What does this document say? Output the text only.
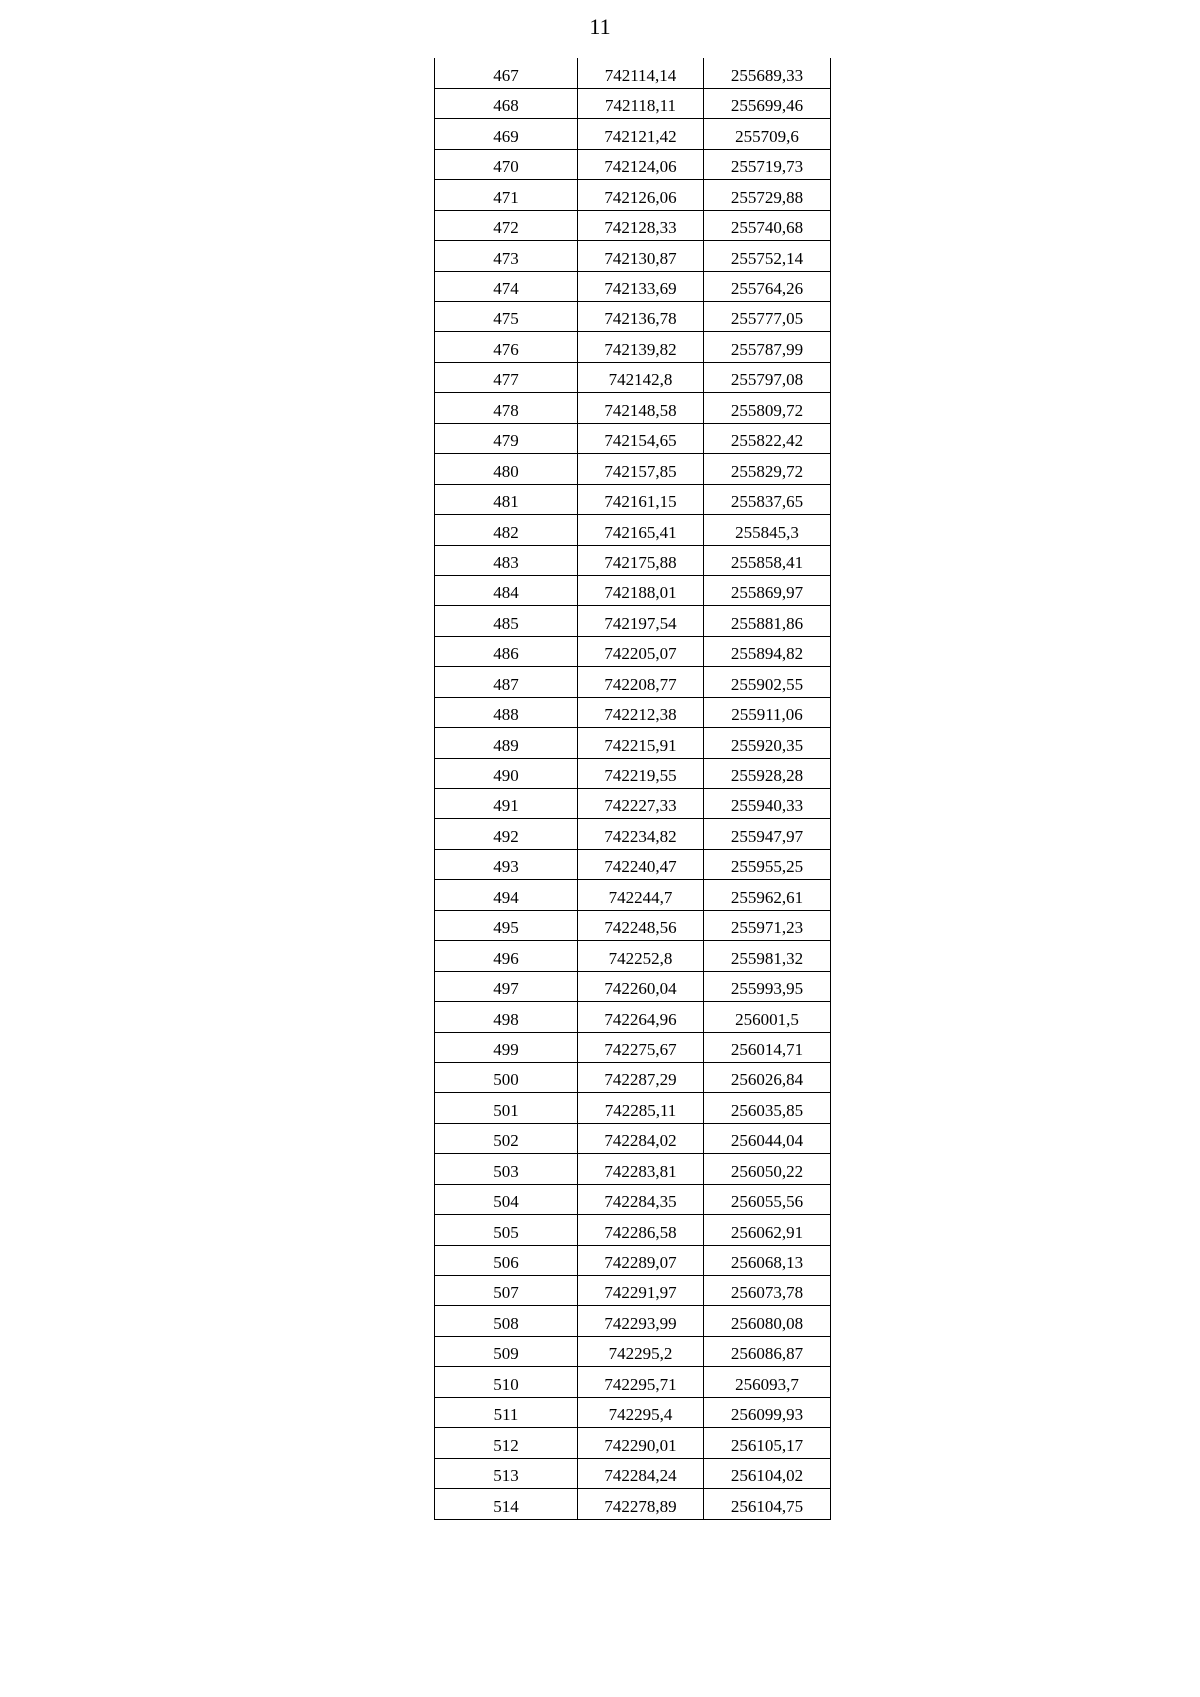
11
467	742114,14	255689,33
468	742118,11	255699,46
469	742121,42	255709,6
470	742124,06	255719,73
471	742126,06	255729,88
472	742128,33	255740,68
473	742130,87	255752,14
474	742133,69	255764,26
475	742136,78	255777,05
476	742139,82	255787,99
477	742142,8	255797,08
478	742148,58	255809,72
479	742154,65	255822,42
480	742157,85	255829,72
481	742161,15	255837,65
482	742165,41	255845,3
483	742175,88	255858,41
484	742188,01	255869,97
485	742197,54	255881,86
486	742205,07	255894,82
487	742208,77	255902,55
488	742212,38	255911,06
489	742215,91	255920,35
490	742219,55	255928,28
491	742227,33	255940,33
492	742234,82	255947,97
493	742240,47	255955,25
494	742244,7	255962,61
495	742248,56	255971,23
496	742252,8	255981,32
497	742260,04	255993,95
498	742264,96	256001,5
499	742275,67	256014,71
500	742287,29	256026,84
501	742285,11	256035,85
502	742284,02	256044,04
503	742283,81	256050,22
504	742284,35	256055,56
505	742286,58	256062,91
506	742289,07	256068,13
507	742291,97	256073,78
508	742293,99	256080,08
509	742295,2	256086,87
510	742295,71	256093,7
511	742295,4	256099,93
512	742290,01	256105,17
513	742284,24	256104,02
514	742278,89	256104,75
